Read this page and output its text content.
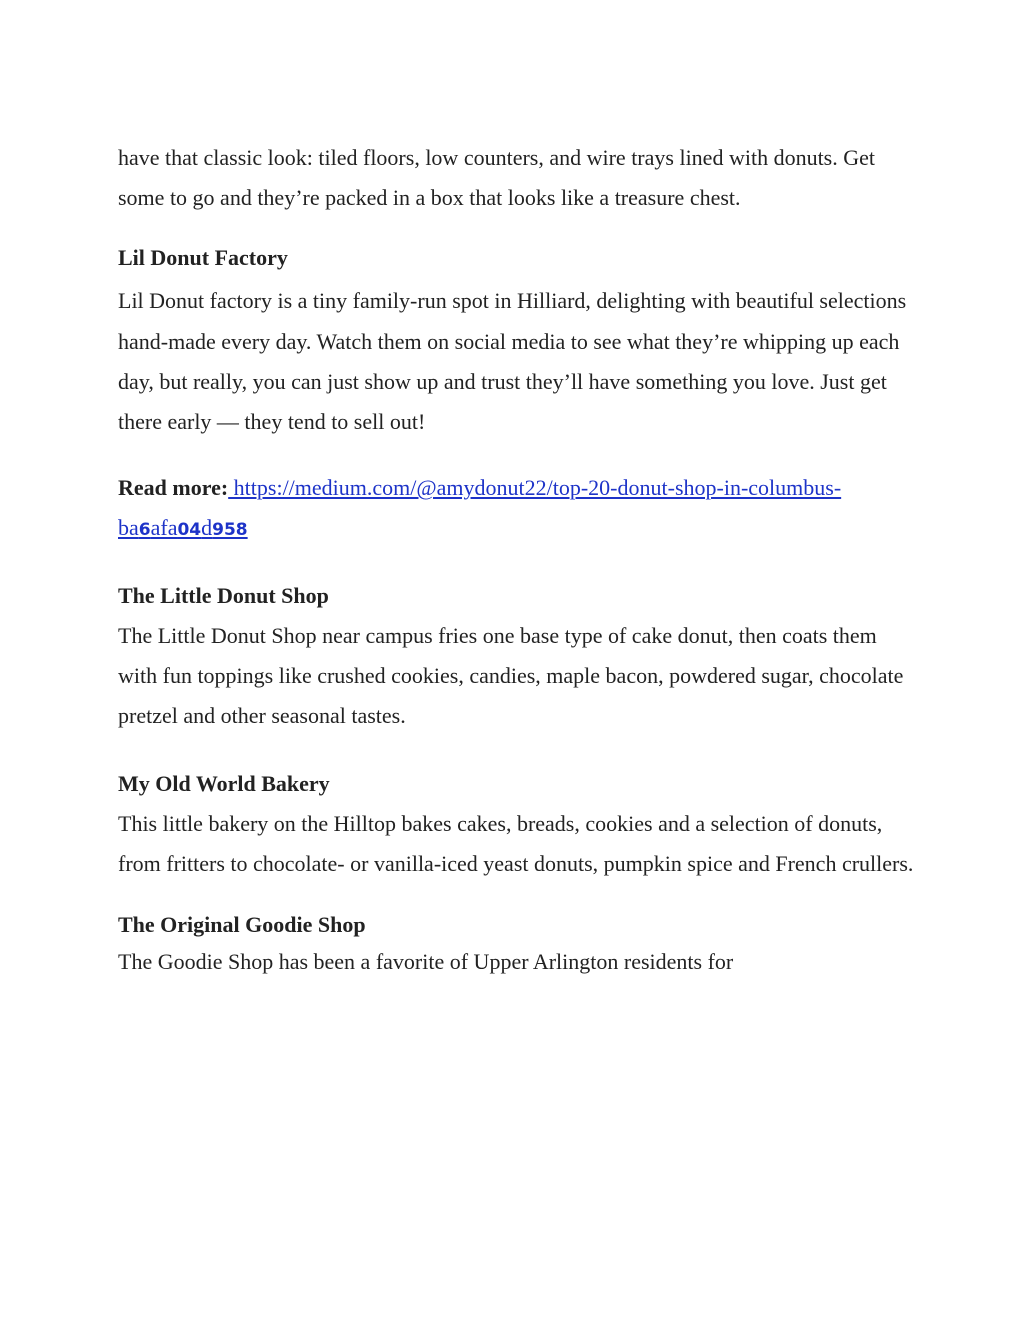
have that classic look: tiled floors, low counters, and wire trays lined with donuts. Get some to go and they’re packed in a box that looks like a treasure chest.

Lil Donut Factory

Lil Donut factory is a tiny family-run spot in Hilliard, delighting with beautiful selections hand-made every day. Watch them on social media to see what they’re whipping up each day, but really, you can just show up and trust they’ll have something you love. Just get there early — they tend to sell out!

Read more: https://medium.com/@amydonut22/top-20-donut-shop-in-columbus-ba6afa04d958

The Little Donut Shop

The Little Donut Shop near campus fries one base type of cake donut, then coats them with fun toppings like crushed cookies, candies, maple bacon, powdered sugar, chocolate pretzel and other seasonal tastes.

My Old World Bakery

This little bakery on the Hilltop bakes cakes, breads, cookies and a selection of donuts, from fritters to chocolate- or vanilla-iced yeast donuts, pumpkin spice and French crullers.

The Original Goodie Shop

The Goodie Shop has been a favorite of Upper Arlington residents for
